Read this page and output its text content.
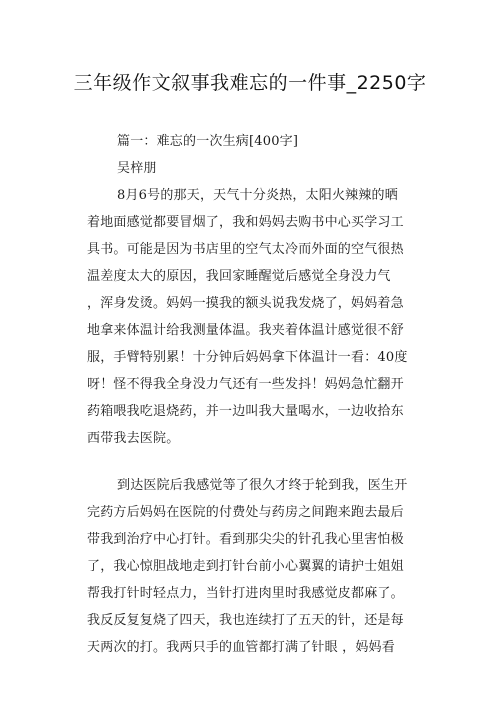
三年级作文叙事我难忘的一件事_2250字
篇一：难忘的一次生病[400字]
吴梓朋
8月6号的那天，天气十分炎热，太阳火辣辣的晒
着地面感觉都要冒烟了，我和妈妈去购书中心买学习工
具书。可能是因为书店里的空气太冷而外面的空气很热
温差度太大的原因，我回家睡醒觉后感觉全身没力气
，浑身发烫。妈妈一摸我的额头说我发烧了，妈妈着急
地拿来体温计给我测量体温。我夹着体温计感觉很不舒
服，手臂特别累！十分钟后妈妈拿下体温计一看：40度
呀！怪不得我全身没力气还有一些发抖！妈妈急忙翻开
药箱喂我吃退烧药，并一边叫我大量喝水，一边收拾东
西带我去医院。
到达医院后我感觉等了很久才终于轮到我，医生开
完药方后妈妈在医院的付费处与药房之间跑来跑去最后
带我到治疗中心打针。看到那尖尖的针孔我心里害怕极
了，我心惊胆战地走到打针台前小心翼翼的请护士姐姐
帮我打针时轻点力，当针打进肉里时我感觉皮都麻了。
我反反复复烧了四天，我也连续打了五天的针，还是每
天两次的打。我两只手的血管都打满了针眼 ，妈妈看
